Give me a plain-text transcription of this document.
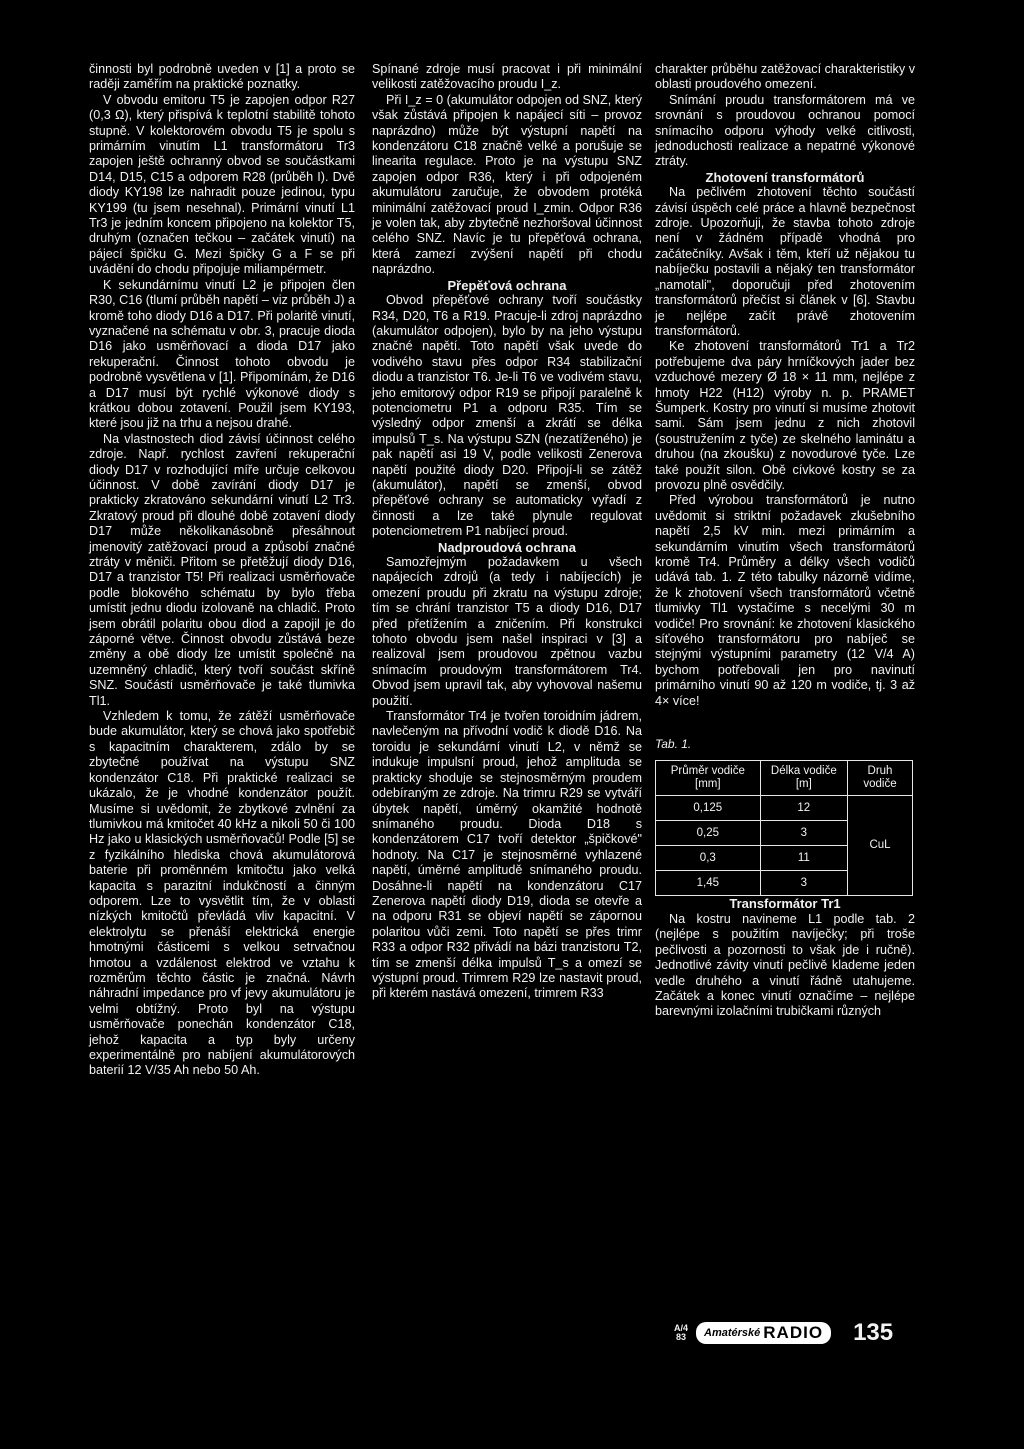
činnosti byl podrobně uveden v [1] a proto se raději zaměřím na praktické poznatky.

V obvodu emitoru T5 je zapojen odpor R27 (0,3 Ω), který přispívá k teplotní stabilitě tohoto stupně. V kolektorovém obvodu T5 je spolu s primárním vinutím L1 transformátoru Tr3 zapojen ještě ochranný obvod se součástkami D14, D15, C15 a odporem R28 (průběh I). Dvě diody KY198 lze nahradit pouze jedinou, typu KY199 (tu jsem nesehnal). Primární vinutí L1 Tr3 je jedním koncem připojeno na kolektor T5, druhým (označen tečkou – začátek vinutí) na pájecí špičku G. Mezi špičky G a F se při uvádění do chodu připojuje miliampérmetr.

K sekundárnímu vinutí L2 je připojen člen R30, C16 (tlumí průběh napětí – viz průběh J) a kromě toho diody D16 a D17. Při polaritě vinutí, vyznačené na schématu v obr. 3, pracuje dioda D16 jako usměrňovací a dioda D17 jako rekuperační. Činnost tohoto obvodu je podrobně vysvětlena v [1]. Připomínám, že D16 a D17 musí být rychlé výkonové diody s krátkou dobou zotavení. Použil jsem KY193, které jsou již na trhu a nejsou drahé.

Na vlastnostech diod závisí účinnost celého zdroje. Např. rychlost zavření rekuperační diody D17 v rozhodující míře určuje celkovou účinnost. V době zavírání diody D17 je prakticky zkratováno sekundární vinutí L2 Tr3. Zkratový proud při dlouhé době zotavení diody D17 může několikanásobně přesáhnout jmenovitý zatěžovací proud a způsobí značné ztráty v měniči. Přitom se přetěžují diody D16, D17 a tranzistor T5! Při realizaci usměrňovače podle blokového schématu by bylo třeba umístit jednu diodu izolovaně na chladič. Proto jsem obrátil polaritu obou diod a zapojil je do záporné větve. Činnost obvodu zůstává beze změny a obě diody lze umístit společně na uzemněný chladič, který tvoří součást skříně SNZ. Součástí usměrňovače je také tlumivka Tl1.

Vzhledem k tomu, že zátěží usměrňovače bude akumulátor, který se chová jako spotřebič s kapacitním charakterem, zdálo by se zbytečné používat na výstupu SNZ kondenzátor C18. Při praktické realizaci se ukázalo, že je vhodné kondenzátor použít. Musíme si uvědomit, že zbytkové zvlnění za tlumivkou má kmitočet 40 kHz a nikoli 50 či 100 Hz jako u klasických usměrňovačů! Podle [5] se z fyzikálního hlediska chová akumulátorová baterie při proměnném kmitočtu jako velká kapacita s parazitní indukčností a činným odporem. Lze to vysvětlit tím, že v oblasti nízkých kmitočtů převládá vliv kapacitní. V elektrolytu se přenáší elektrická energie hmotnými částicemi s velkou setrvačnou hmotou a vzdálenost elektrod ve vztahu k rozměrům těchto částic je značná. Návrh náhradní impedance pro vf jevy akumulátoru je velmi obtížný. Proto byl na výstupu usměrňovače ponechán kondenzátor C18, jehož kapacita a typ byly určeny experimentálně pro nabíjení akumulátorových baterií 12 V/35 Ah nebo 50 Ah.

Spínané zdroje musí pracovat i při minimální velikosti zatěžovacího proudu I_z.

Při I_z = 0 (akumulátor odpojen od SNZ, který však zůstává připojen k napájecí síti – provoz naprázdno) může být výstupní napětí na kondenzátoru C18 značně velké a porušuje se linearita regulace. Proto je na výstupu SNZ zapojen odpor R36, který i při odpojeném akumulátoru zaručuje, že obvodem protéká minimální zatěžovací proud I_zmin. Odpor R36 je volen tak, aby zbytečně nezhoršoval účinnost celého SNZ. Navíc je tu přepěťová ochrana, která zamezí zvýšení napětí při chodu naprázdno.

Přepěťová ochrana

Obvod přepěťové ochrany tvoří součástky R34, D20, T6 a R19. Pracuje-li zdroj naprázdno (akumulátor odpojen), bylo by na jeho výstupu značné napětí. Toto napětí však uvede do vodivého stavu přes odpor R34 stabilizační diodu a tranzistor T6. Je-li T6 ve vodivém stavu, jeho emitorový odpor R19 se připojí paralelně k potenciometru P1 a odporu R35. Tím se výsledný odpor zmenší a zkrátí se délka impulsů T_s. Na výstupu SZN (nezatíženého) je pak napětí asi 19 V, podle velikosti Zenerova napětí použité diody D20. Připojí-li se zátěž (akumulátor), napětí se zmenší, obvod přepěťové ochrany se automaticky vyřadí z činnosti a lze také plynule regulovat potenciometrem P1 nabíjecí proud.

Nadproudová ochrana

Samozřejmým požadavkem u všech napájecích zdrojů (a tedy i nabíjecích) je omezení proudu při zkratu na výstupu zdroje; tím se chrání tranzistor T5 a diody D16, D17 před přetížením a zničením. Při konstrukci tohoto obvodu jsem našel inspiraci v [3] a realizoval jsem proudovou zpětnou vazbu snímacím proudovým transformátorem Tr4. Obvod jsem upravil tak, aby vyhovoval našemu použití.

Transformátor Tr4 je tvořen toroidním jádrem, navlečeným na přívodní vodič k diodě D16. Na toroidu je sekundární vinutí L2, v němž se indukuje impulsní proud, jehož amplituda se prakticky shoduje se stejnosměrným proudem odebíraným ze zdroje. Na trimru R29 se vytváří úbytek napětí, úměrný okamžité hodnotě snímaného proudu. Dioda D18 s kondenzátorem C17 tvoří detektor „špičkové" hodnoty. Na C17 je stejnosměrné vyhlazené napětí, úměrné amplitudě snímaného proudu. Dosáhne-li napětí na kondenzátoru C17 Zenerova napětí diody D19, dioda se otevře a na odporu R31 se objeví napětí se zápornou polaritou vůči zemi. Toto napětí se přes trimr R33 a odpor R32 přivádí na bázi tranzistoru T2, tím se zmenší délka impulsů T_s a omezí se výstupní proud. Trimrem R29 lze nastavit proud, při kterém nastává omezení, trimrem R33

charakter průběhu zatěžovací charakteristiky v oblasti proudového omezení.

Snímání proudu transformátorem má ve srovnání s proudovou ochranou pomocí snímacího odporu výhody velké citlivosti, jednoduchosti realizace a nepatrné výkonové ztráty.

Zhotovení transformátorů

Na pečlivém zhotovení těchto součástí závisí úspěch celé práce a hlavně bezpečnost zdroje. Upozorňuji, že stavba tohoto zdroje není v žádném případě vhodná pro začátečníky. Avšak i těm, kteří už nějakou tu nabíječku postavili a nějaký ten transformátor „namotali", doporučuji před zhotovením transformátorů přečíst si článek v [6]. Stavbu je nejlépe začít právě zhotovením transformátorů.

Ke zhotovení transformátorů Tr1 a Tr2 potřebujeme dva páry hrníčkových jader bez vzduchové mezery Ø 18 × 11 mm, nejlépe z hmoty H22 (H12) výroby n. p. PRAMET Šumperk. Kostry pro vinutí si musíme zhotovit sami. Sám jsem jednu z nich zhotovil (soustružením z tyče) ze skelného laminátu a druhou (na zkoušku) z novodurové tyče. Lze také použít silon. Obě cívkové kostry se za provozu plně osvědčily.

Před výrobou transformátorů je nutno uvědomit si striktní požadavek zkušebního napětí 2,5 kV min. mezi primárním a sekundárním vinutím všech transformátorů kromě Tr4. Průměry a délky všech vodičů udává tab. 1. Z této tabulky názorně vidíme, že k zhotovení všech transformátorů včetně tlumivky Tl1 vystačíme s necelými 30 m vodiče! Pro srovnání: ke zhotovení klasického síťového transformátoru pro nabíječ se stejnými výstupními parametry (12 V/4 A) bychom potřebovali jen pro navinutí primárního vinutí 90 až 120 m vodiče, tj. 3 až 4× více!

Tab. 1.
Průměr vodiče [mm]	Délka vodiče [m]	Druh vodiče
0,125	12	CuL
0,25	3	
0,3	11	
1,45	3	

Transformátor Tr1

Na kostru navineme L1 podle tab. 2 (nejlépe s použitím navíječky; při troše pečlivosti a pozornosti to však jde i ručně). Jednotlivé závity vinutí pečlivě klademe jeden vedle druhého a vinutí řádně utahujeme. Začátek a konec vinutí označíme – nejlépe barevnými izolačními trubičkami různých

A/4
83 Amatérské RADIO 135
